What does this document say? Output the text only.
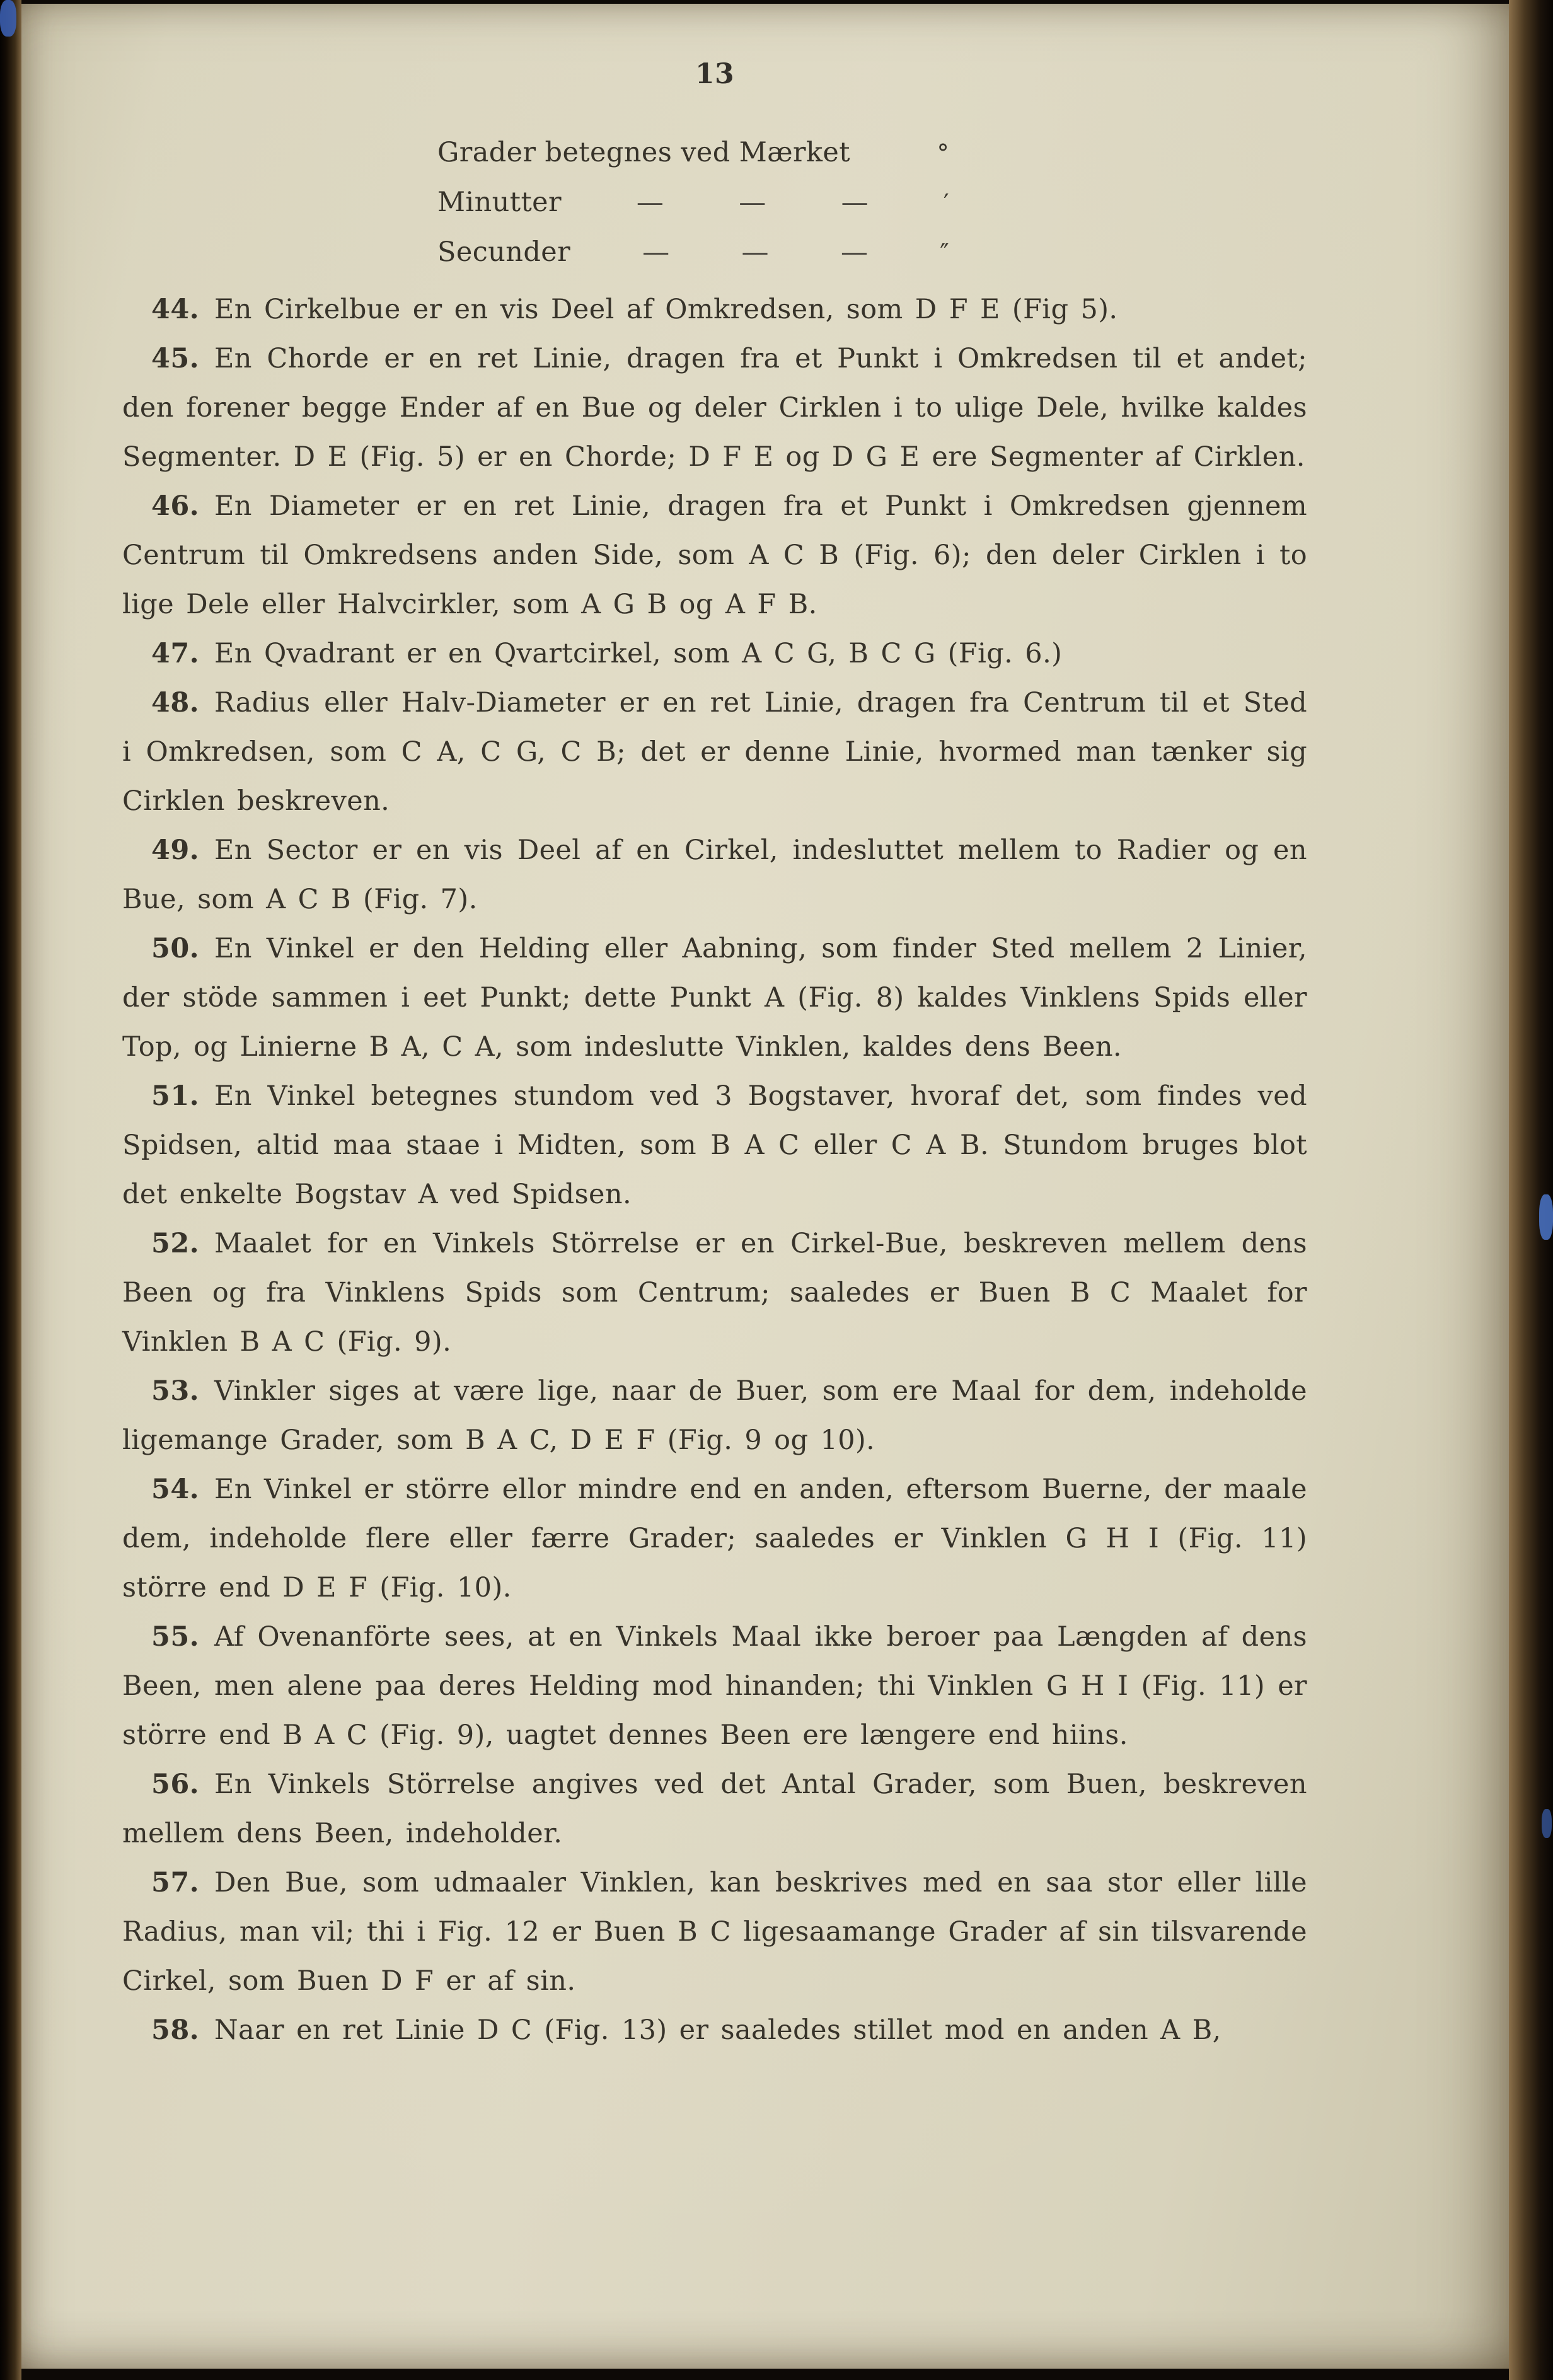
13
Grader betegnes ved Mærket	°
Minutter	—	—	—	′
Secunder	—	—	—	″

44. En Cirkelbue er en vis Deel af Omkredsen, som D F E (Fig 5).

45. En Chorde er en ret Linie, dragen fra et Punkt i Omkredsen til et andet; den forener begge Ender af en Bue og deler Cirklen i to ulige Dele, hvilke kaldes Segmenter. D E (Fig. 5) er en Chorde; D F E og D G E ere Segmenter af Cirklen.

46. En Diameter er en ret Linie, dragen fra et Punkt i Omkredsen gjennem Centrum til Omkredsens anden Side, som A C B (Fig. 6); den deler Cirklen i to lige Dele eller Halvcirkler, som A G B og A F B.

47. En Qvadrant er en Qvartcirkel, som A C G, B C G (Fig. 6.)

48. Radius eller Halv-Diameter er en ret Linie, dragen fra Centrum til et Sted i Omkredsen, som C A, C G, C B; det er denne Linie, hvormed man tænker sig Cirklen beskreven.

49. En Sector er en vis Deel af en Cirkel, indesluttet mellem to Radier og en Bue, som A C B (Fig. 7).

50. En Vinkel er den Helding eller Aabning, som finder Sted mellem 2 Linier, der stöde sammen i eet Punkt; dette Punkt A (Fig. 8) kaldes Vinklens Spids eller Top, og Linierne B A, C A, som indeslutte Vinklen, kaldes dens Been.

51. En Vinkel betegnes stundom ved 3 Bogstaver, hvoraf det, som findes ved Spidsen, altid maa staae i Midten, som B A C eller C A B. Stundom bruges blot det enkelte Bogstav A ved Spidsen.

52. Maalet for en Vinkels Störrelse er en Cirkel-Bue, beskreven mellem dens Been og fra Vinklens Spids som Centrum; saaledes er Buen B C Maalet for Vinklen B A C (Fig. 9).

53. Vinkler siges at være lige, naar de Buer, som ere Maal for dem, indeholde ligemange Grader, som B A C, D E F (Fig. 9 og 10).

54. En Vinkel er större ellor mindre end en anden, eftersom Buerne, der maale dem, indeholde flere eller færre Grader; saaledes er Vinklen G H I (Fig. 11) större end D E F (Fig. 10).

55. Af Ovenanförte sees, at en Vinkels Maal ikke beroer paa Længden af dens Been, men alene paa deres Helding mod hinanden; thi Vinklen G H I (Fig. 11) er större end B A C (Fig. 9), uagtet dennes Been ere længere end hiins.

56. En Vinkels Störrelse angives ved det Antal Grader, som Buen, beskreven mellem dens Been, indeholder.

57. Den Bue, som udmaaler Vinklen, kan beskrives med en saa stor eller lille Radius, man vil; thi i Fig. 12 er Buen B C ligesaamange Grader af sin tilsvarende Cirkel, som Buen D F er af sin.

58. Naar en ret Linie D C (Fig. 13) er saaledes stillet mod en anden A B,
